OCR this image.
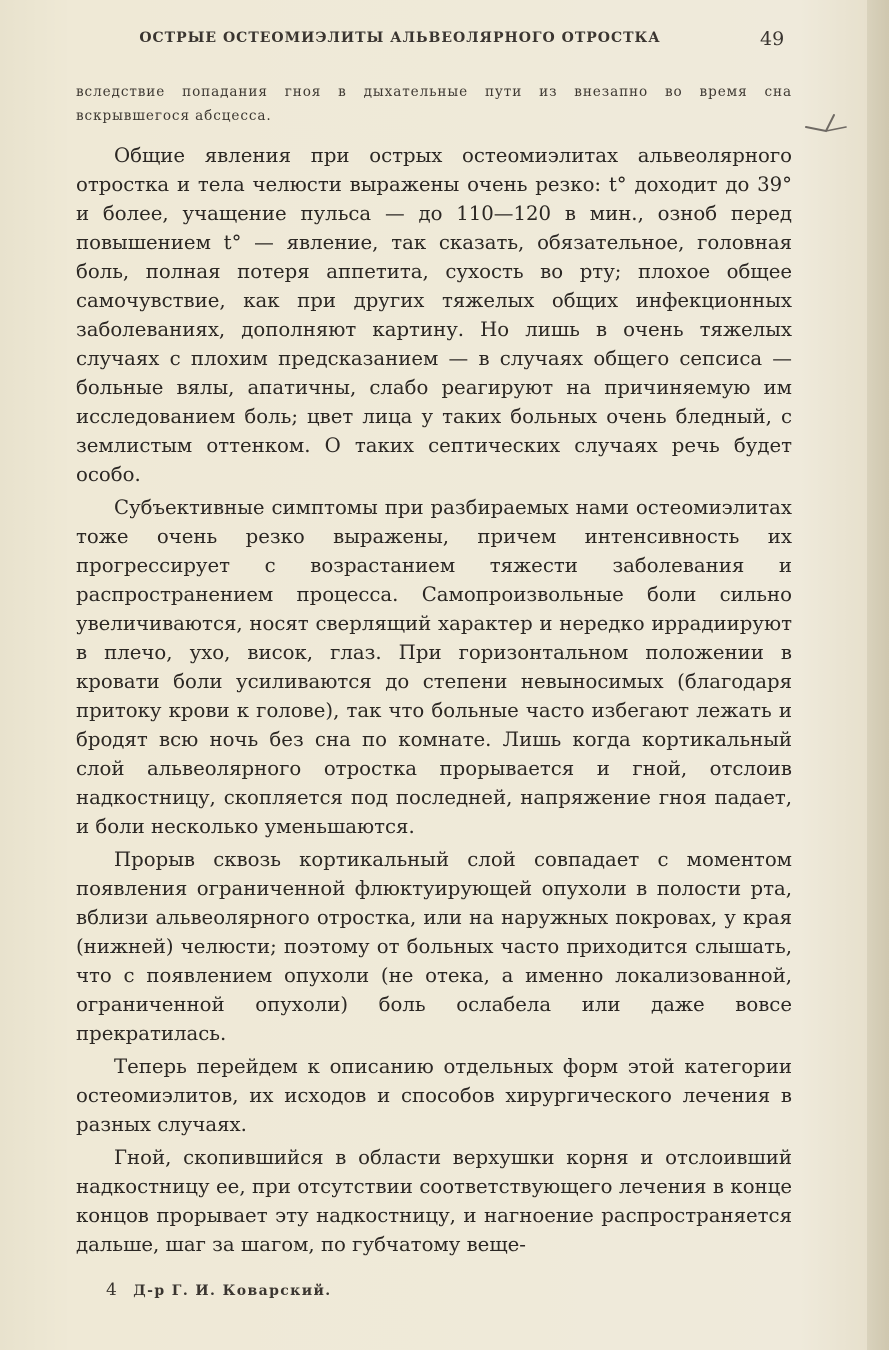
ОСТРЫЕ ОСТЕОМИЭЛИТЫ АЛЬВЕОЛЯРНОГО ОТРОСТКА	49
вследствие попадания гноя в дыхательные пути из внезапно во время сна вскрывшегося абсцесса.

Общие явления при острых остеомиэлитах альвеолярного отростка и тела челюсти выражены очень резко: t° доходит до 39° и более, учащение пульса — до 110—120 в мин., озноб перед повышением t° — явление, так сказать, обязательное, головная боль, полная потеря аппетита, сухость во рту; плохое общее самочувствие, как при других тяжелых общих инфекционных заболеваниях, дополняют картину. Но лишь в очень тяжелых случаях с плохим предсказанием — в случаях общего сепсиса — больные вялы, апатичны, слабо реагируют на причиняемую им исследованием боль; цвет лица у таких больных очень бледный, с землистым оттенком. О таких септических случаях речь будет особо.

Субъективные симптомы при разбираемых нами остеомиэлитах тоже очень резко выражены, причем интенсивность их прогрессирует с возрастанием тяжести заболевания и распространением процесса. Самопроизвольные боли сильно увеличиваются, носят сверлящий характер и нередко иррадиируют в плечо, ухо, висок, глаз. При горизонтальном положении в кровати боли усиливаются до степени невыносимых (благодаря притоку крови к голове), так что больные часто избегают лежать и бродят всю ночь без сна по комнате. Лишь когда кортикальный слой альвеолярного отростка прорывается и гной, отслоив надкостницу, скопляется под последней, напряжение гноя падает, и боли несколько уменьшаются.

Прорыв сквозь кортикальный слой совпадает с моментом появления ограниченной флюктуирующей опухоли в полости рта, вблизи альвеолярного отростка, или на наружных покровах, у края (нижней) челюсти; поэтому от больных часто приходится слышать, что с появлением опухоли (не отека, а именно локализованной, ограниченной опухоли) боль ослабела или даже вовсе прекратилась.

Теперь перейдем к описанию отдельных форм этой категории остеомиэлитов, их исходов и способов хирургического лечения в разных случаях.

Гной, скопившийся в области верхушки корня и отслоивший надкостницу ее, при отсутствии соответствующего лечения в конце концов прорывает эту надкостницу, и нагноение распространяется дальше, шаг за шагом, по губчатому веще-

4 Д-р Г. И. Коварский.
